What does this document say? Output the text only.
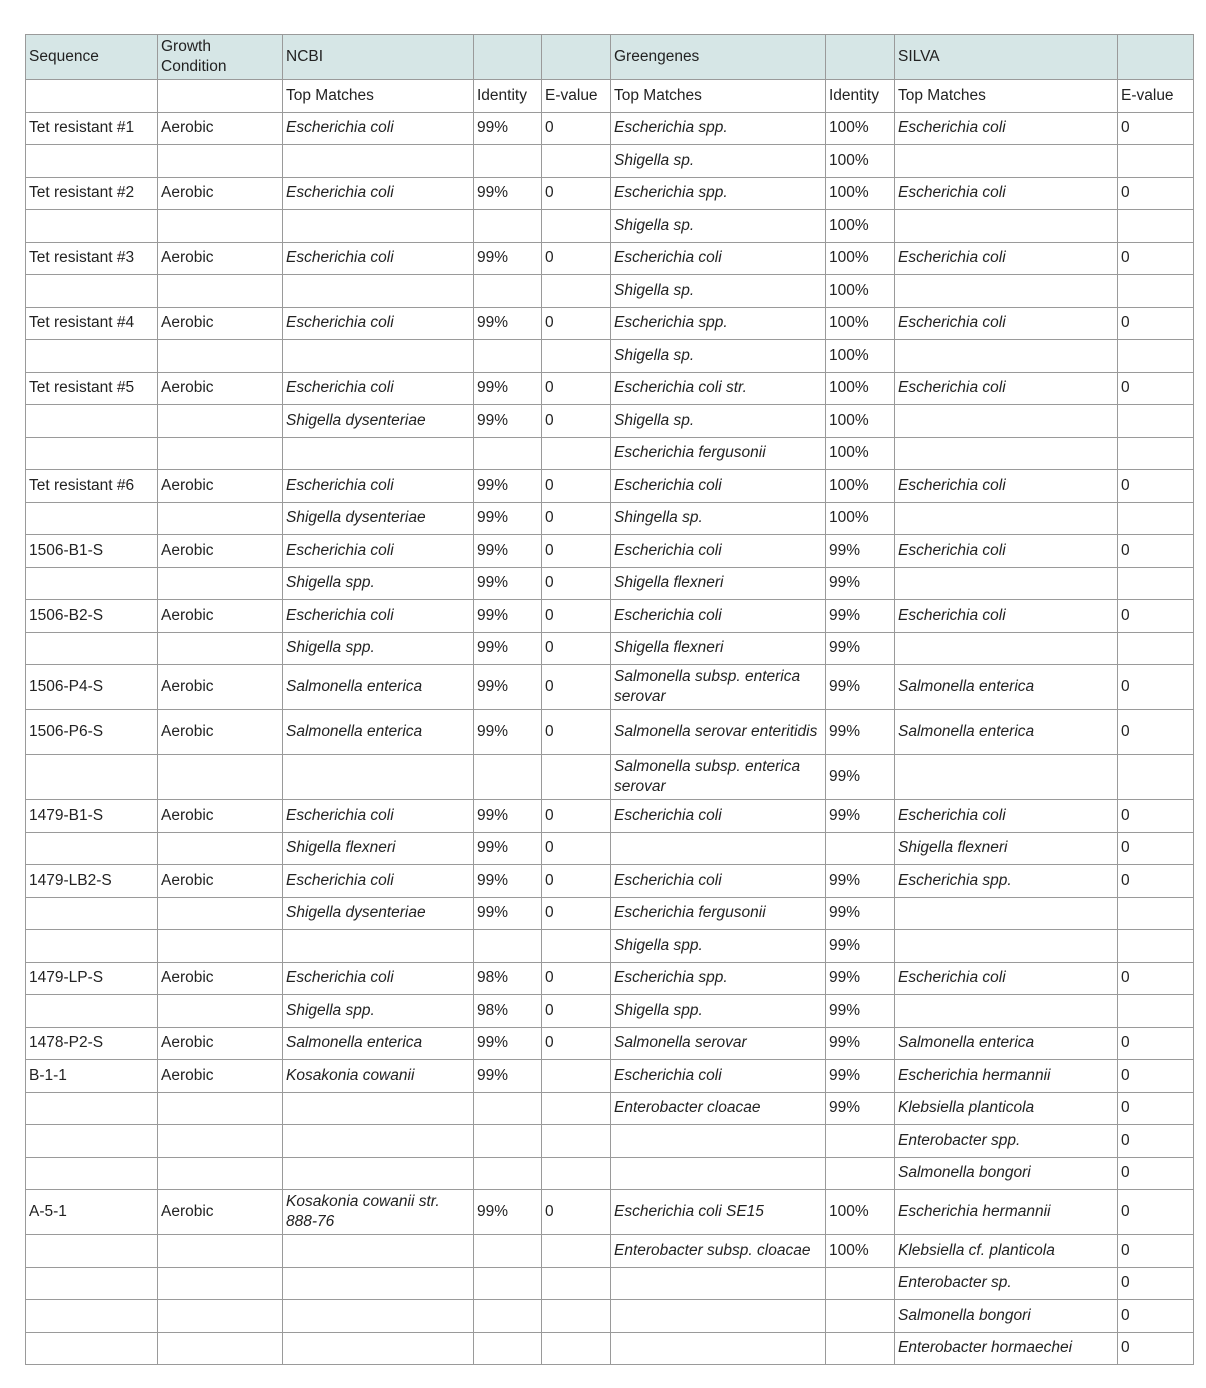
Sequence	Growth Condition	NCBI			Greengenes		SILVA	
		Top Matches	Identity	E-value	Top Matches	Identity	Top Matches	E-value
Tet resistant #1	Aerobic	Escherichia coli	99%	0	Escherichia spp.	100%	Escherichia coli	0
					Shigella sp.	100%		
Tet resistant #2	Aerobic	Escherichia coli	99%	0	Escherichia spp.	100%	Escherichia coli	0
					Shigella sp.	100%		
Tet resistant #3	Aerobic	Escherichia coli	99%	0	Escherichia coli	100%	Escherichia coli	0
					Shigella sp.	100%		
Tet resistant #4	Aerobic	Escherichia coli	99%	0	Escherichia spp.	100%	Escherichia coli	0
					Shigella sp.	100%		
Tet resistant #5	Aerobic	Escherichia coli	99%	0	Escherichia coli str.	100%	Escherichia coli	0
		Shigella dysenteriae	99%	0	Shigella sp.	100%		
					Escherichia fergusonii	100%		
Tet resistant #6	Aerobic	Escherichia coli	99%	0	Escherichia coli	100%	Escherichia coli	0
		Shigella dysenteriae	99%	0	Shingella sp.	100%		
1506-B1-S	Aerobic	Escherichia coli	99%	0	Escherichia coli	99%	Escherichia coli	0
		Shigella spp.	99%	0	Shigella flexneri	99%		
1506-B2-S	Aerobic	Escherichia coli	99%	0	Escherichia coli	99%	Escherichia coli	0
		Shigella spp.	99%	0	Shigella flexneri	99%		
1506-P4-S	Aerobic	Salmonella enterica	99%	0	Salmonella subsp. enterica serovar	99%	Salmonella enterica	0
1506-P6-S	Aerobic	Salmonella enterica	99%	0	Salmonella serovar enteritidis	99%	Salmonella enterica	0
					Salmonella subsp. enterica serovar	99%		
1479-B1-S	Aerobic	Escherichia coli	99%	0	Escherichia coli	99%	Escherichia coli	0
		Shigella flexneri	99%	0			Shigella flexneri	0
1479-LB2-S	Aerobic	Escherichia coli	99%	0	Escherichia coli	99%	Escherichia spp.	0
		Shigella dysenteriae	99%	0	Escherichia fergusonii	99%		
					Shigella spp.	99%		
1479-LP-S	Aerobic	Escherichia coli	98%	0	Escherichia spp.	99%	Escherichia coli	0
		Shigella spp.	98%	0	Shigella spp.	99%		
1478-P2-S	Aerobic	Salmonella enterica	99%	0	Salmonella serovar	99%	Salmonella enterica	0
B-1-1	Aerobic	Kosakonia cowanii	99%		Escherichia coli	99%	Escherichia hermannii	0
					Enterobacter cloacae	99%	Klebsiella planticola	0
							Enterobacter spp.	0
							Salmonella bongori	0
A-5-1	Aerobic	Kosakonia cowanii str. 888-76	99%	0	Escherichia coli SE15	100%	Escherichia hermannii	0
					Enterobacter subsp. cloacae	100%	Klebsiella cf. planticola	0
							Enterobacter sp.	0
							Salmonella bongori	0
							Enterobacter hormaechei	0
